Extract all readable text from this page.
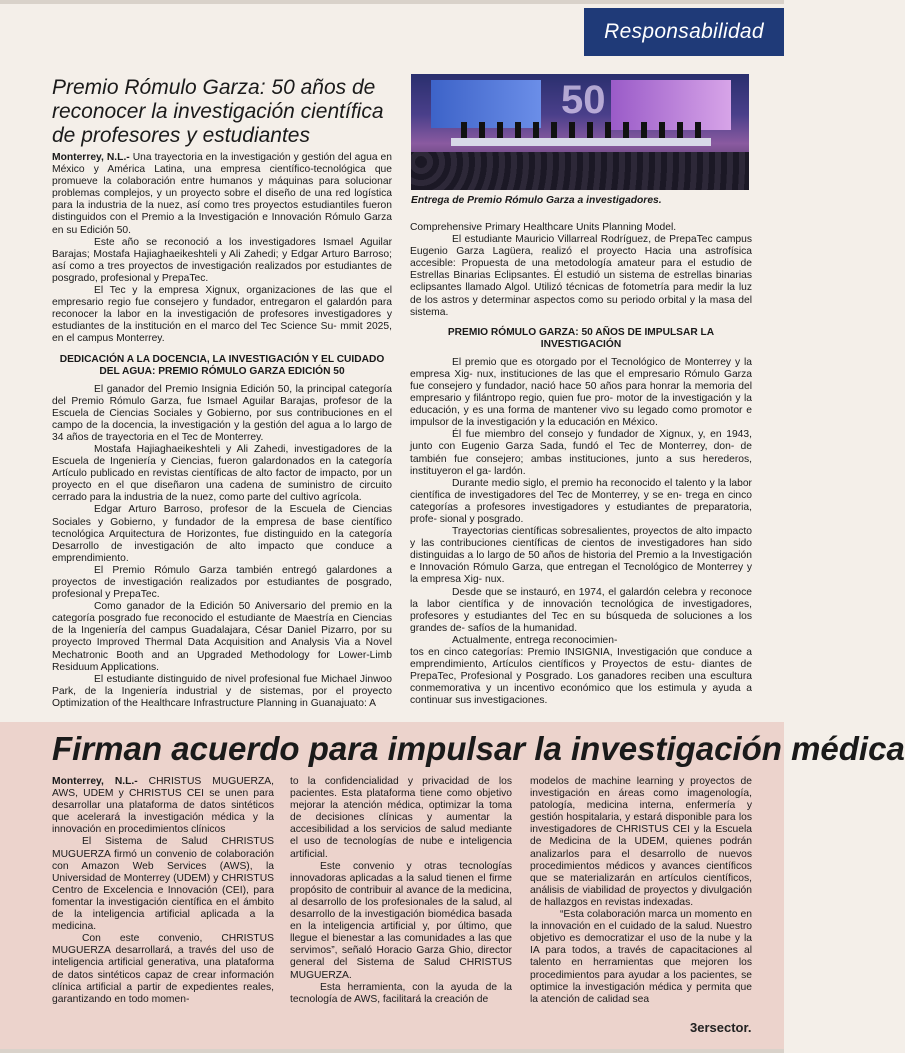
Responsabilidad
Premio Rómulo Garza: 50 años de reconocer la investigación científica de profesores y estudiantes
50
Entrega de Premio Rómulo Garza a investigadores.

Monterrey, N.L.- Una trayectoria en la investigación y gestión del agua en México y América Latina, una empresa científico-tecnológica que promueve la colaboración entre humanos y máquinas para solucionar problemas complejos, y un proyecto sobre el diseño de una red logística para la industria de la nuez, así como tres proyectos estudiantiles fueron distinguidos con el Premio a la Investigación e Innovación Rómulo Garza en su Edición 50.

Este año se reconoció a los investigadores Ismael Aguilar Barajas; Mostafa Hajiaghaeikeshteli y Ali Zahedi; y Edgar Arturo Barroso; así como a tres proyectos de investigación realizados por estudiantes de posgrado, profesional y PrepaTec.

El Tec y la empresa Xignux, organizaciones de las que el empresario regio fue consejero y fundador, entregaron el galardón para reconocer la labor en la investigación de profesores investigadores y estudiantes de la institución en el marco del Tec Science Su- mmit 2025, en el campus Monterrey.

DEDICACIÓN A LA DOCENCIA, LA INVESTIGACIÓN Y EL CUIDADO DEL AGUA: PREMIO RÓMULO GARZA EDICIÓN 50

El ganador del Premio Insignia Edición 50, la principal categoría del Premio Rómulo Garza, fue Ismael Aguilar Barajas, profesor de la Escuela de Ciencias Sociales y Gobierno, por sus contribuciones en el campo de la docencia, la investigación y la gestión del agua a lo largo de 34 años de trayectoria en el Tec de Monterrey.

Mostafa Hajiaghaeikeshteli y Ali Zahedi, investigadores de la Escuela de Ingeniería y Ciencias, fueron galardonados en la categoría Artículo publicado en revistas científicas de alto factor de impacto, por un proyecto en el que diseñaron una cadena de suministro de circuito cerrado para la industria de la nuez, como parte del cultivo agrícola.

Edgar Arturo Barroso, profesor de la Escuela de Ciencias Sociales y Gobierno, y fundador de la empresa de base científico tecnológica Arquitectura de Horizontes, fue distinguido en la categoría Desarrollo de investigación de alto impacto que conduce a emprendimiento.

El Premio Rómulo Garza también entregó galardones a proyectos de investigación realizados por estudiantes de posgrado, profesional y PrepaTec.

Como ganador de la Edición 50 Aniversario del premio en la categoría posgrado fue reconocido el estudiante de Maestría en Ciencias de la Ingeniería del campus Guadalajara, César Daniel Pizarro, por su proyecto Improved Thermal Data Acquisition and Analysis Via a Novel Mechatronic Booth and an Upgraded Methodology for Lower-Limb Residuum Applications.

El estudiante distinguido de nivel profesional fue Michael Jinwoo Park, de la Ingeniería industrial y de sistemas, por el proyecto Optimization of the Healthcare Infrastructure Planning in Guanajuato: A

Comprehensive Primary Healthcare Units Planning Model.

El estudiante Mauricio Villarreal Rodríguez, de PrepaTec campus Eugenio Garza Lagüera, realizó el proyecto Hacia una astrofísica accesible: Propuesta de una metodología amateur para el estudio de Estrellas Binarias Eclipsantes. Él estudió un sistema de estrellas binarias eclipsantes llamado Algol. Utilizó técnicas de fotometría para medir la luz de los astros y determinar aspectos como su periodo orbital y la masa del sistema.

PREMIO RÓMULO GARZA: 50 AÑOS DE IMPULSAR LA INVESTIGACIÓN

El premio que es otorgado por el Tecnológico de Monterrey y la empresa Xig- nux, instituciones de las que el empresario Rómulo Garza fue consejero y fundador, nació hace 50 años para honrar la memoria del empresario y filántropo regio, quien fue pro- motor de la investigación y la educación, y es una forma de mantener vivo su legado como promotor e impulsor de la investigación y la educación en México.

Él fue miembro del consejo y fundador de Xignux, y, en 1943, junto con Eugenio Garza Sada, fundó el Tec de Monterrey, don- de también fue consejero; ambas instituciones, junto a sus herederos, instituyeron el ga- lardón.

Durante medio siglo, el premio ha reconocido el talento y la labor científica de investigadores del Tec de Monterrey, y se en- trega en cinco categorías a profesores investigadores y estudiantes de preparatoria, profe- sional y posgrado.

Trayectorias científicas sobresalientes, proyectos de alto impacto y las contribuciones científicas de cientos de investigadores han sido distinguidas a lo largo de 50 años de historia del Premio a la Investigación e Innovación Rómulo Garza, que entregan el Tecnológico de Monterrey y la empresa Xig- nux.

Desde que se instauró, en 1974, el galardón celebra y reconoce la labor científica y de innovación tecnológica de investigadores, profesores y estudiantes del Tec en su búsqueda de soluciones a los grandes de- safíos de la humanidad.

Actualmente, entrega reconocimien-

tos en cinco categorías: Premio INSIGNIA, Investigación que conduce a emprendimiento, Artículos científicos y Proyectos de estu- diantes de PrepaTec, Profesional y Posgrado. Los ganadores reciben una escultura conmemorativa y un incentivo económico que los estimula y ayuda a continuar sus investigaciones.

Firman acuerdo para impulsar la investigación médica

Monterrey, N.L.- CHRISTUS MUGUERZA, AWS, UDEM y CHRISTUS CEI se unen para desarrollar una plataforma de datos sintéticos que acelerará la investigación médica y la innovación en procedimientos clínicos

El Sistema de Salud CHRISTUS MUGUERZA firmó un convenio de colaboración con Amazon Web Services (AWS), la Universidad de Monterrey (UDEM) y CHRISTUS Centro de Excelencia e Innovación (CEI), para fomentar la investigación científica en el ámbito de la inteligencia artificial aplicada a la medicina.

Con este convenio, CHRISTUS MUGUERZA desarrollará, a través del uso de inteligencia artificial generativa, una plataforma de datos sintéticos capaz de crear información clínica artificial a partir de expedientes reales, garantizando en todo momen-

to la confidencialidad y privacidad de los pacientes. Esta plataforma tiene como objetivo mejorar la atención médica, optimizar la toma de decisiones clínicas y aumentar la accesibilidad a los servicios de salud mediante el uso de tecnologías de nube e inteligencia artificial.

Este convenio y otras tecnologías innovadoras aplicadas a la salud tienen el firme propósito de contribuir al avance de la medicina, al desarrollo de los profesionales de la salud, al desarrollo de la investigación biomédica basada en la inteligencia artificial y, por último, que llegue el bienestar a las comunidades a las que servimos”, señaló Horacio Garza Ghio, director general del Sistema de Salud CHRISTUS MUGUERZA.

Esta herramienta, con la ayuda de la tecnología de AWS, facilitará la creación de

modelos de machine learning y proyectos de investigación en áreas como imagenología, patología, medicina interna, enfermería y gestión hospitalaria, y estará disponible para los investigadores de CHRISTUS CEI y la Escuela de Medicina de la UDEM, quienes podrán analizarlos para el desarrollo de nuevos procedimientos médicos y avances científicos que se materializarán en artículos científicos, análisis de viabilidad de proyectos y divulgación de hallazgos en revistas indexadas.

“Esta colaboración marca un momento en la innovación en el cuidado de la salud. Nuestro objetivo es democratizar el uso de la nube y la IA para todos, a través de capacitaciones al talento en herramientas que mejoren los procedimientos para ayudar a los pacientes, se optimice la investigación médica y permita que la atención de calidad sea

3ersector.
